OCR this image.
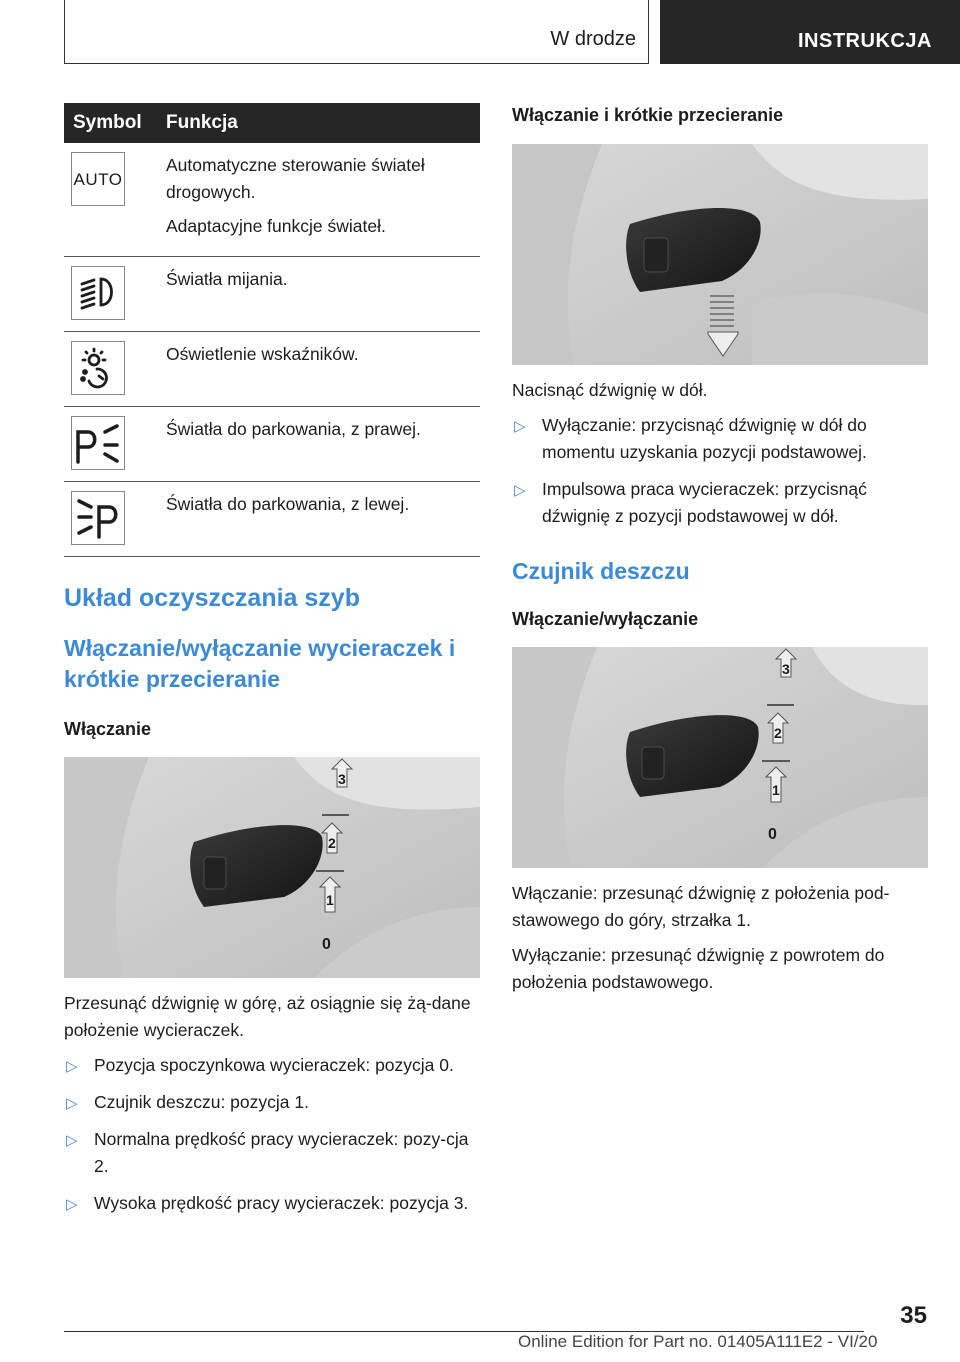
W drodze	INSTRUKCJA
Symbol	Funkcja

AUTO	Automatyczne sterowanie świateł drogowych.

Adaptacyjne funkcje świateł.

Światła mijania.

Oświetlenie wskaźników.

Światła do parkowania, z prawej.

Światła do parkowania, z lewej.

Układ oczyszczania szyb
Włączanie/wyłączanie wycieraczek i krótkie przecieranie
Włączanie
3
2
1
0

Przesunąć dźwignię w górę, aż osiągnie się żą-dane położenie wycieraczek.

▷ Pozycja spoczynkowa wycieraczek: pozycja 0.

▷ Czujnik deszczu: pozycja 1.

▷ Normalna prędkość pracy wycieraczek: pozy-cja 2.

▷ Wysoka prędkość pracy wycieraczek: pozycja 3.

Włączanie i krótkie przecieranie

Nacisnąć dźwignię w dół.

▷ Wyłączanie: przycisnąć dźwignię w dół do momentu uzyskania pozycji podstawowej.

▷ Impulsowa praca wycieraczek: przycisnąć dźwignię z pozycji podstawowej w dół.

Czujnik deszczu
Włączanie/wyłączanie
3
2
1
0

Włączanie: przesunąć dźwignię z położenia pod-stawowego do góry, strzałka 1.

Wyłączanie: przesunąć dźwignię z powrotem do położenia podstawowego.

35
Online Edition for Part no. 01405A111E2 - VI/20
